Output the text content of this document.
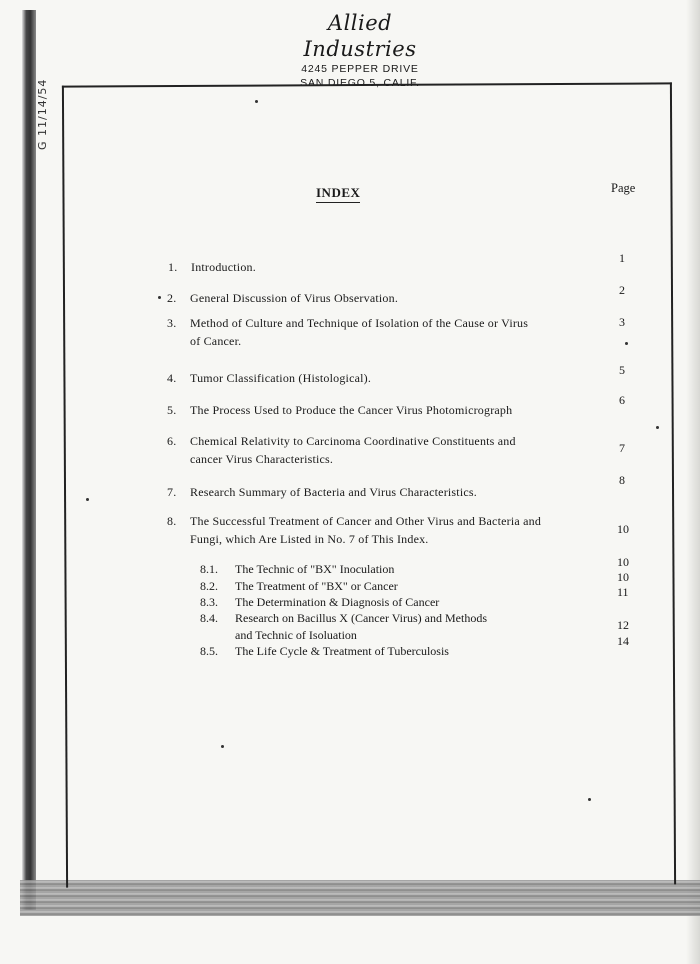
Allied Industries
4245 PEPPER DRIVE
SAN DIEGO 5, CALIF.
G 11/14/54
INDEX	Page
1. Introduction.
1
2. General Discussion of Virus Observation.
2
3. Method of Culture and Technique of Isolation of the Cause or Virus
of Cancer.
3
4. Tumor Classification (Histological).
5
5. The Process Used to Produce the Cancer Virus Photomicrograph
6
6. Chemical Relativity to Carcinoma Coordinative Constituents and
cancer Virus Characteristics.
7
7. Research Summary of Bacteria and Virus Characteristics.
8
8. The Successful Treatment of Cancer and Other Virus and Bacteria and
Fungi, which Are Listed in No. 7 of This Index.
10
8.1. The Technic of "BX" Inoculation	10
8.2. The Treatment of "BX" or Cancer
10
8.3. The Determination & Diagnosis of Cancer
11
8.4. Research on Bacillus X (Cancer Virus) and Methods
and Technic of Isoluation
12
8.5. The Life Cycle & Treatment of Tuberculosis
14
